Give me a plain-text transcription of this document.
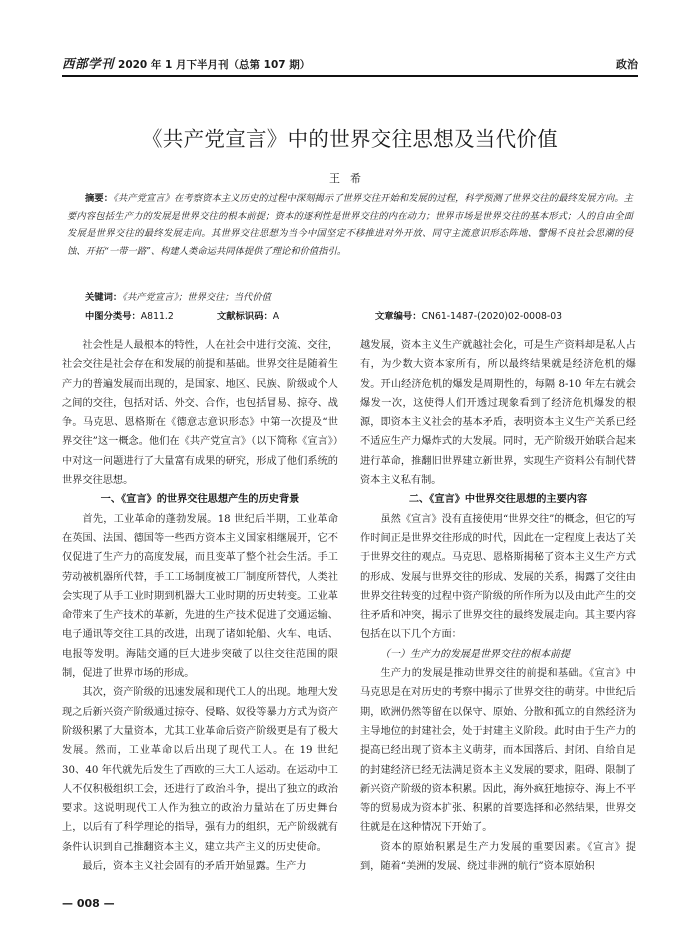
西部学刊 2020 年 1 月下半月刊（总第 107 期）	政治
《共产党宣言》中的世界交往思想及当代价值
王希
摘要：《共产党宣言》在考察资本主义历史的过程中深刻揭示了世界交往开始和发展的过程，科学预测了世界交往的最终发展方向。主要内容包括生产力的发展是世界交往的根本前提；资本的逐利性是世界交往的内在动力；世界市场是世界交往的基本形式；人的自由全面发展是世界交往的最终发展走向。其世界交往思想为当今中国坚定不移推进对外开放、同守主流意识形态阵地、警惕不良社会思潮的侵蚀、开拓“一带一路”、构建人类命运共同体提供了理论和价值指引。
关键词：《共产党宣言》；世界交往；当代价值
中图分类号：A811.2	文献标识码：A	文章编号：CN61-1487-(2020)02-0008-03

社会性是人最根本的特性，人在社会中进行交流、交往，社会交往是社会存在和发展的前提和基础。世界交往是随着生产力的普遍发展而出现的，是国家、地区、民族、阶级或个人之间的交往，包括对话、外交、合作，也包括冒易、掠夺、战争。马克思、恩格斯在《德意志意识形态》中第一次提及“世界交往”这一概念。他们在《共产党宣言》（以下简称《宣言》）中对这一问题进行了大量富有成果的研究，形成了他们系统的世界交往思想。

一、《宣言》的世界交往思想产生的历史背景

首先，工业革命的蓬勃发展。18 世纪后半期，工业革命在英国、法国、德国等一些西方资本主义国家相继展开，它不仅促进了生产力的高度发展，而且变革了整个社会生活。手工劳动被机器所代替，手工工场制度被工厂制度所替代，人类社会实现了从手工业时期到机器大工业时期的历史转变。工业革命带来了生产技术的革新，先进的生产技术促进了交通运输、电子通讯等交往工具的改进，出现了诸如轮船、火车、电话、电报等发明。海陆交通的巨大进步突破了以往交往范围的限制，促进了世界市场的形成。

其次，资产阶级的迅速发展和现代工人的出现。地理大发现之后新兴资产阶级通过掠夺、侵略、奴役等暴力方式为资产阶级积累了大量资本，尤其工业革命后资产阶级更是有了极大发展。然而，工业革命以后出现了现代工人。在 19 世纪 30、40 年代就先后发生了西欧的三大工人运动。在运动中工人不仅积极组织工会，还进行了政治斗争，提出了独立的政治要求。这说明现代工人作为独立的政治力量站在了历史舞台上，以后有了科学理论的指导，强有力的组织，无产阶级就有条件认识到自己推翻资本主义，建立共产主义的历史使命。

最后，资本主义社会固有的矛盾开始显露。生产力

越发展，资本主义生产就越社会化，可是生产资料却是私人占有，为少数大资本家所有，所以最终结果就是经济危机的爆发。开山经济危机的爆发是周期性的，每隔 8-10 年左右就会爆发一次，这使得人们开透过现象看到了经济危机爆发的根源，即资本主义社会的基本矛盾，表明资本主义生产关系已经不适应生产力爆炸式的大发展。同时，无产阶级开始联合起来进行革命，推翻旧世界建立新世界，实现生产资料公有制代替资本主义私有制。

二、《宣言》中世界交往思想的主要内容

虽然《宣言》没有直接使用“世界交往”的概念，但它的写作时间正是世界交往形成的时代，因此在一定程度上表达了关于世界交往的观点。马克思、恩格斯揭秘了资本主义生产方式的形成、发展与世界交往的形成、发展的关系，揭露了交往由世界交往转变的过程中资产阶级的所作所为以及由此产生的交往矛盾和冲突，揭示了世界交往的最终发展走向。其主要内容包括在以下几个方面：

（一）生产力的发展是世界交往的根本前提

生产力的发展是推动世界交往的前提和基础。《宣言》中马克思是在对历史的考察中揭示了世界交往的萌芽。中世纪后期，欧洲仍然等留在以保守、原始、分散和孤立的自然经济为主导地位的封建社会，处于封建主义阶段。此时由于生产力的提高已经出现了资本主义萌芽，而本国落后、封闭、自给自足的封建经济已经无法满足资本主义发展的要求，阻碍、限制了新兴资产阶级的资本积累。因此，海外疯狂地掠夺、海上不平等的贸易成为资本扩张、积累的首要选择和必然结果，世界交往就是在这种情况下开始了。

资本的原始积累是生产力发展的重要因素。《宣言》提到，随着“美洲的发展、绕过非洲的航行”资本原始积

— 008 —
